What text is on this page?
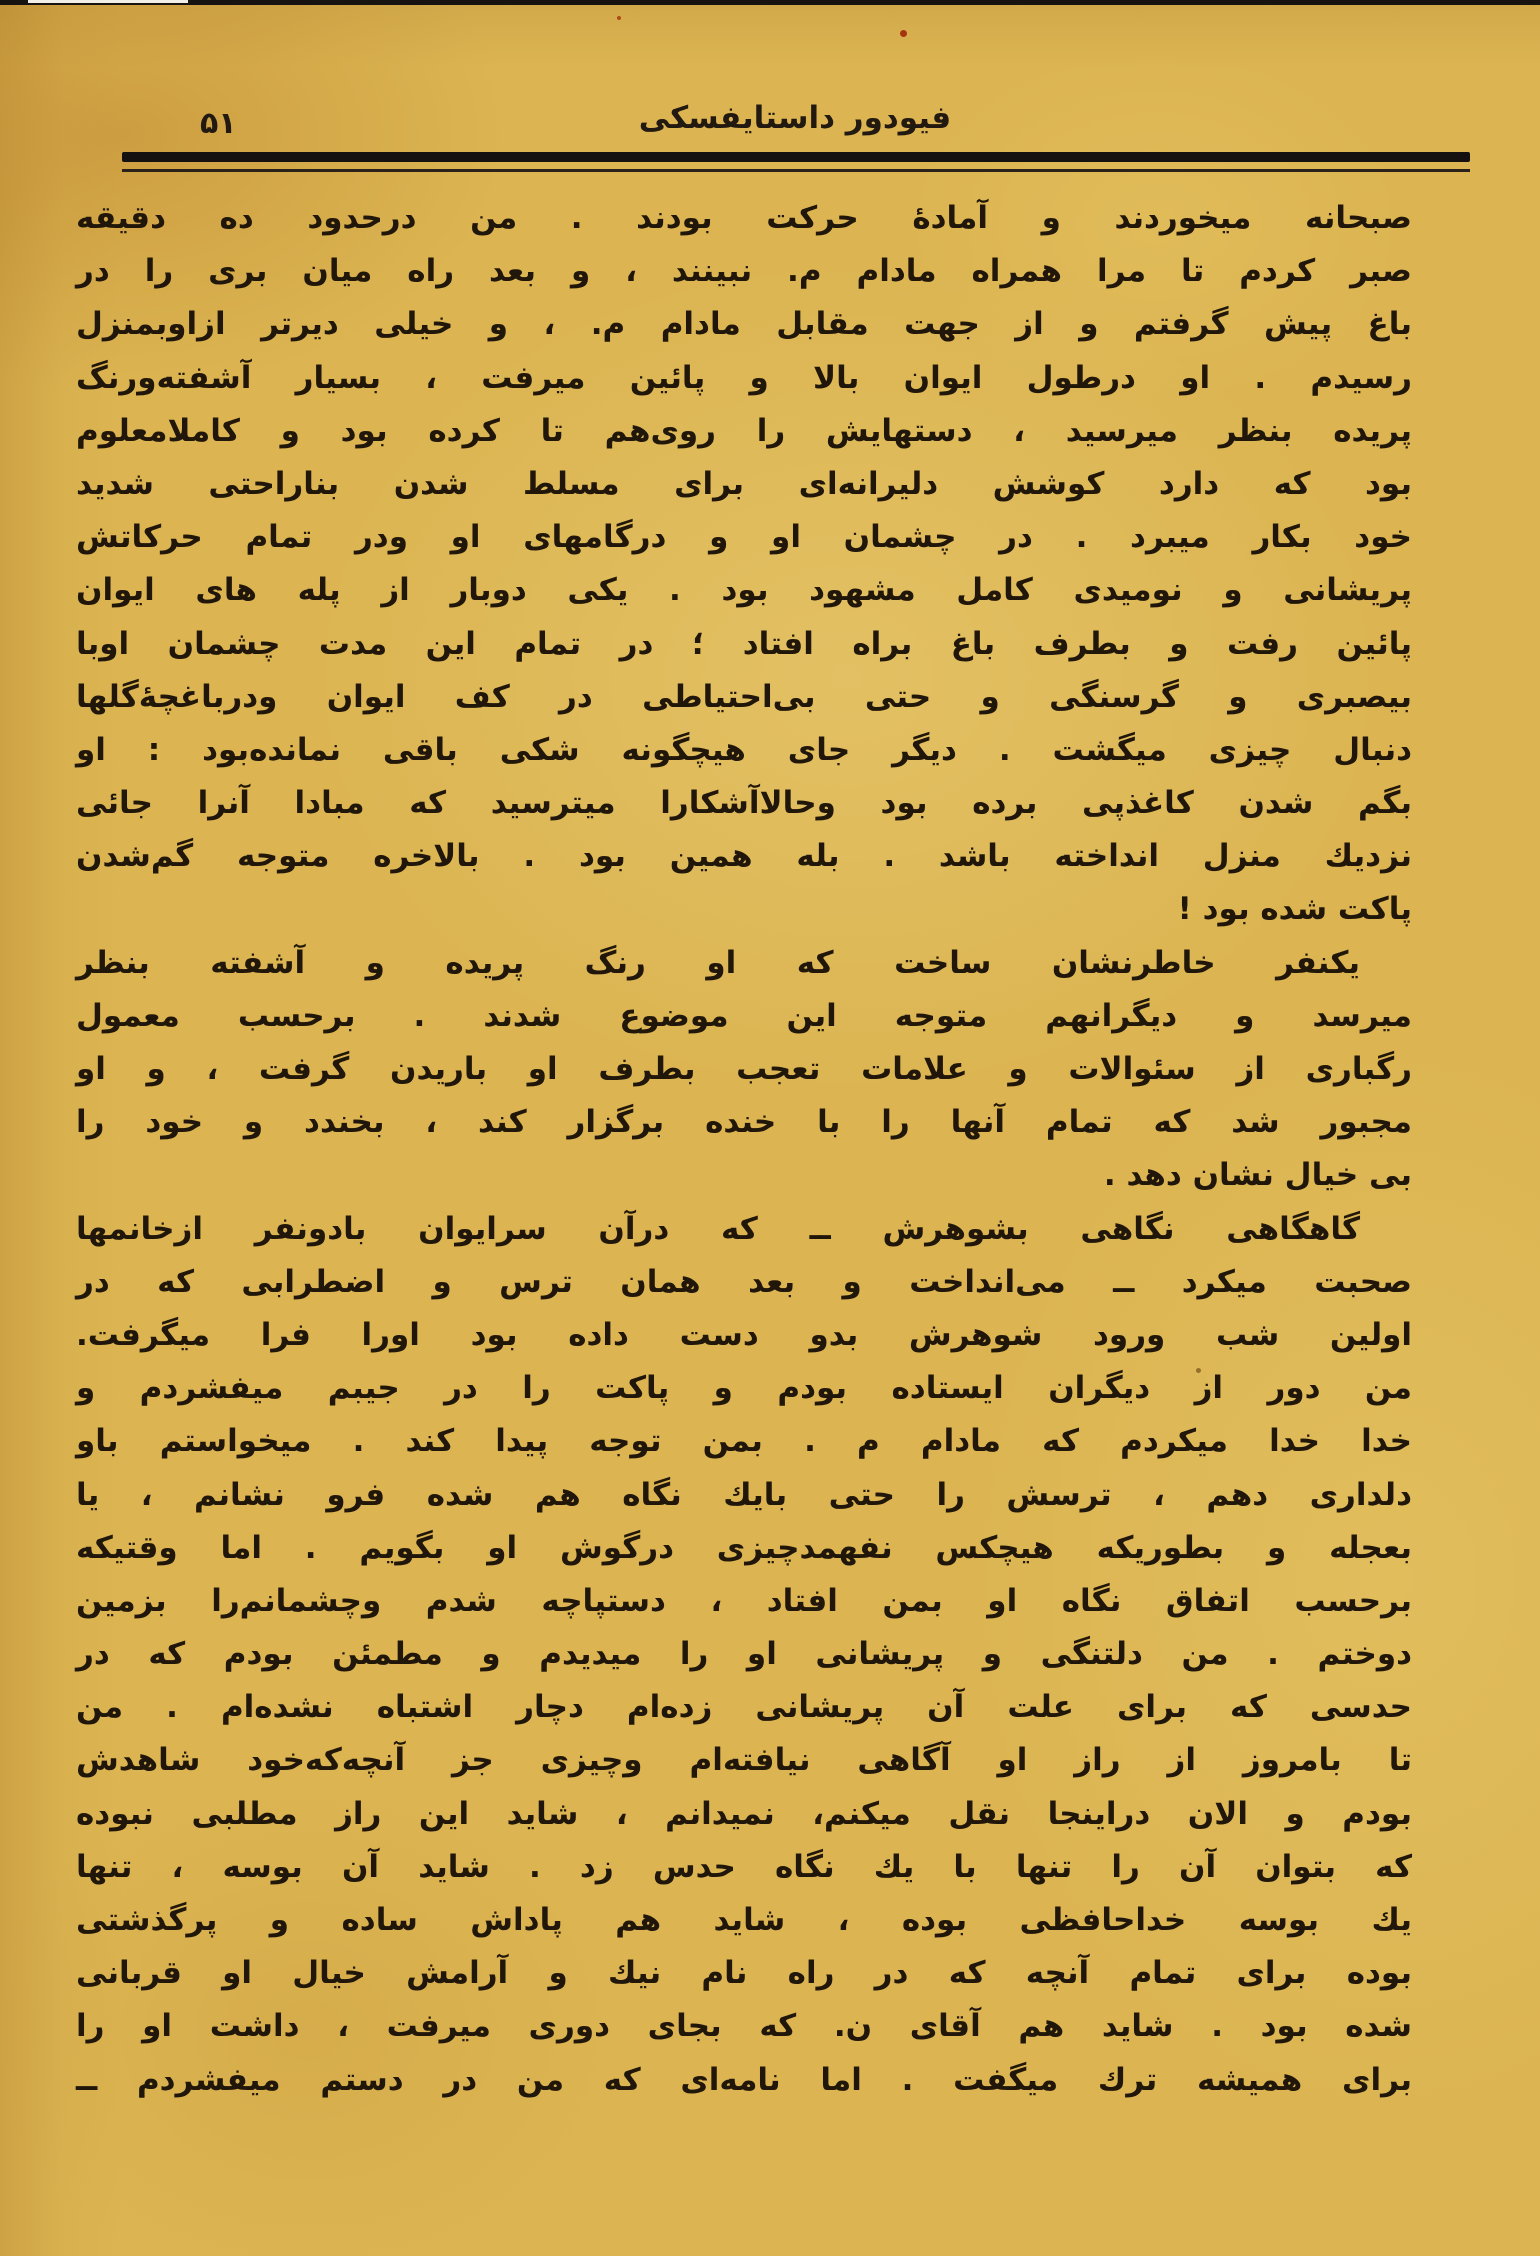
۵۱	فیودور داستایفسکی
صبحانه میخوردند و آمادهٔ حرکت بودند . من درحدود ده دقیقه
صبر کردم تا مرا همراه مادام م. نبینند ، و بعد راه میان بری را در
باغ پیش گرفتم و از جهت مقابل مادام م. ، و خیلی دیرتر ازاوبمنزل
رسیدم . او درطول ایوان بالا و پائین میرفت ، بسیار آشفته‌ورنگ
پریده بنظر میرسید ، دستهایش را روی‌هم تا کرده بود و کاملامعلوم
بود که دارد کوشش دلیرانه‌ای برای مسلط شدن بناراحتی شدید
خود بکار میبرد . در چشمان او و درگامهای او ودر تمام حرکاتش
پریشانی و نومیدی کامل مشهود بود . یکی دوبار از پله های ایوان
پائین رفت و بطرف باغ براه افتاد ؛ در تمام این مدت چشمان اوبا
بیصبری و گرسنگی و حتی بی‌احتیاطی در کف ایوان ودرباغچهٔ‌گلها
دنبال چیزی میگشت . دیگر جای هیچگونه شکی باقی نمانده‌بود : او
بگم شدن کاغذپی برده بود وحالاآشکارا میترسید که مبادا آنرا جائی
نزدیك منزل انداخته باشد . بله همین بود . بالاخره متوجه گم‌شدن
پاکت شده بود !
یکنفر خاطرنشان ساخت که او رنگ پریده و آشفته بنظر
میرسد و دیگرانهم متوجه این موضوع شدند . برحسب معمول
رگباری از سئوالات و علامات تعجب بطرف او باریدن گرفت ، و او
مجبور شد که تمام آنها را با خنده برگزار کند ، بخندد و خود را
بی خیال نشان دهد .
گاهگاهی نگاهی بشوهرش ــ که درآن سرایوان بادونفر ازخانمها
صحبت میکرد ــ می‌انداخت و بعد همان ترس و اضطرابی که در
اولین شب ورود شوهرش بدو دست داده بود اورا فرا میگرفت.
من دور از دیگران ایستاده بودم و پاکت را در جیبم میفشردم و
خدا خدا میکردم که مادام م . بمن توجه پیدا کند . میخواستم باو
دلداری دهم ، ترسش را حتی بایك نگاه هم شده فرو نشانم ، یا
بعجله و بطوریکه هیچکس نفهمدچیزی درگوش او بگویم . اما وقتیکه
برحسب اتفاق نگاه او بمن افتاد ، دستپاچه شدم وچشمانم‌را بزمین
دوختم . من دلتنگی و پریشانی او را میدیدم و مطمئن بودم که در
حدسی که برای علت آن پریشانی زده‌ام دچار اشتباه نشده‌ام . من
تا بامروز از راز او آگاهی نیافته‌ام وچیزی جز آنچه‌که‌خود شاهدش
بودم و الان دراینجا نقل میکنم، نمیدانم ، شاید این راز مطلبی نبوده
که بتوان آن را تنها با یك نگاه حدس زد . شاید آن بوسه ، تنها
یك بوسه خداحافظی بوده ، شاید هم پاداش ساده و پرگذشتی
بوده برای تمام آنچه که در راه نام نیك و آرامش خیال او قربانی
شده بود . شاید هم آقای ن. که بجای دوری میرفت ، داشت او را
برای همیشه ترك میگفت . اما نامه‌ای که من در دستم میفشردم ــ
